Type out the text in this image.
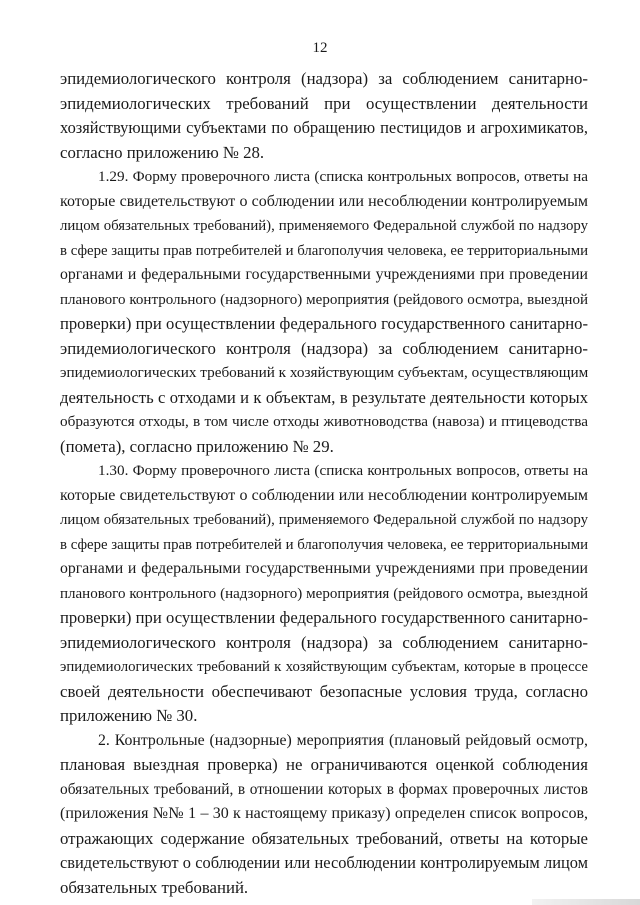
12

эпидемиологического контроля (надзора) за соблюдением санитарно-
эпидемиологических требований при осуществлении деятельности
хозяйствующими субъектами по обращению пестицидов и агрохимикатов,
согласно приложению № 28.

1.29. Форму проверочного листа (списка контрольных вопросов, ответы на
которые свидетельствуют о соблюдении или несоблюдении контролируемым
лицом обязательных требований), применяемого Федеральной службой по надзору
в сфере защиты прав потребителей и благополучия человека, ее территориальными
органами и федеральными государственными учреждениями при проведении
планового контрольного (надзорного) мероприятия (рейдового осмотра, выездной
проверки) при осуществлении федерального государственного санитарно-
эпидемиологического контроля (надзора) за соблюдением санитарно-
эпидемиологических требований к хозяйствующим субъектам, осуществляющим
деятельность с отходами и к объектам, в результате деятельности которых
образуются отходы, в том числе отходы животноводства (навоза) и птицеводства
(помета), согласно приложению № 29.

1.30. Форму проверочного листа (списка контрольных вопросов, ответы на
которые свидетельствуют о соблюдении или несоблюдении контролируемым
лицом обязательных требований), применяемого Федеральной службой по надзору
в сфере защиты прав потребителей и благополучия человека, ее территориальными
органами и федеральными государственными учреждениями при проведении
планового контрольного (надзорного) мероприятия (рейдового осмотра, выездной
проверки) при осуществлении федерального государственного санитарно-
эпидемиологического контроля (надзора) за соблюдением санитарно-
эпидемиологических требований к хозяйствующим субъектам, которые в процессе
своей деятельности обеспечивают безопасные условия труда, согласно
приложению № 30.

2. Контрольные (надзорные) мероприятия (плановый рейдовый осмотр,
плановая выездная проверка) не ограничиваются оценкой соблюдения
обязательных требований, в отношении которых в формах проверочных листов
(приложения №№ 1 – 30 к настоящему приказу) определен список вопросов,
отражающих содержание обязательных требований, ответы на которые
свидетельствуют о соблюдении или несоблюдении контролируемым лицом
обязательных требований.
